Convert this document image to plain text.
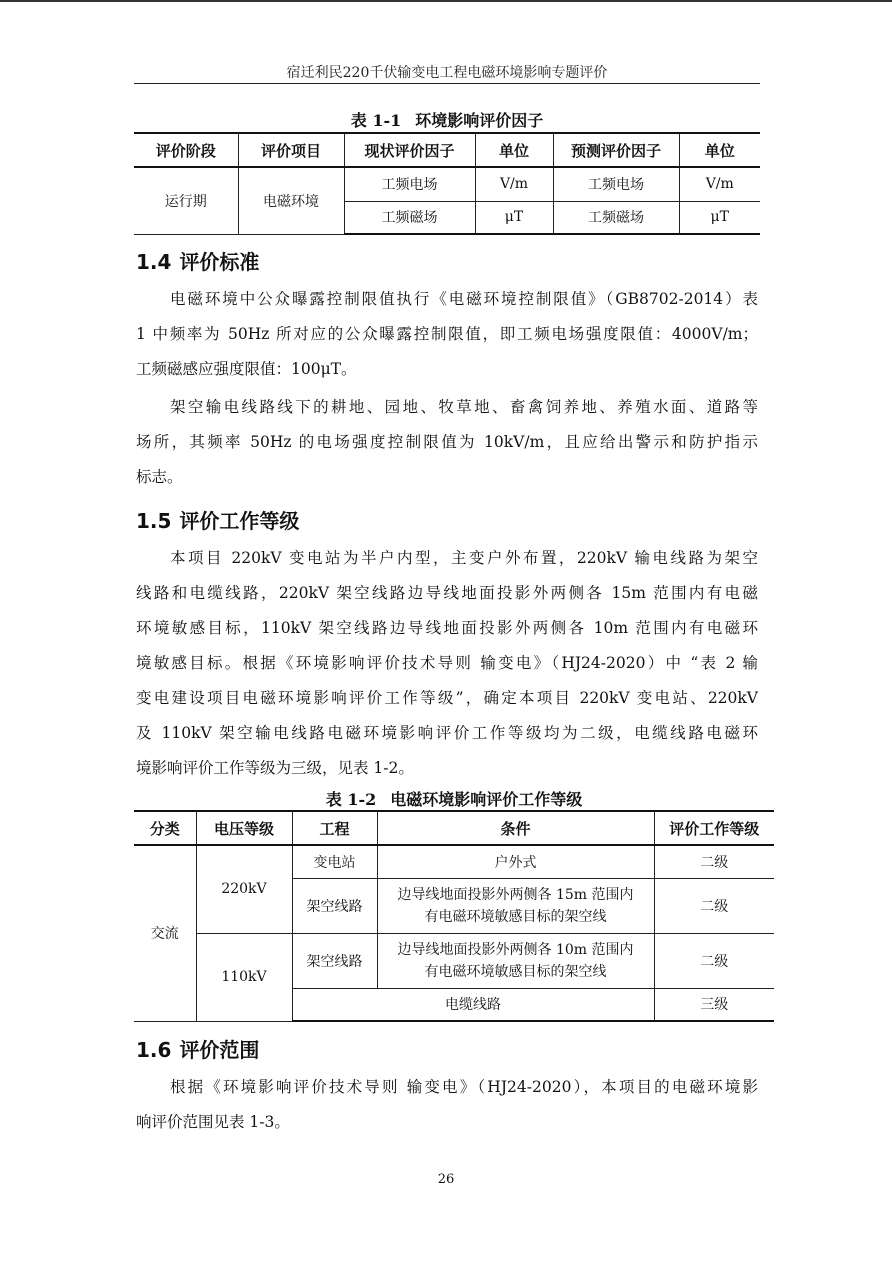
宿迁利民220千伏输变电工程电磁环境影响专题评价
表 1-1 环境影响评价因子
评价阶段	评价项目	现状评价因子	单位	预测评价因子	单位
运行期	电磁环境	工频电场	V/m	工频电场	V/m
		工频磁场	μT	工频磁场	μT
1.4 评价标准
电磁环境中公众曝露控制限值执行《电磁环境控制限值》（GB8702-2014）表
1 中频率为 50Hz 所对应的公众曝露控制限值，即工频电场强度限值：4000V/m；
工频磁感应强度限值：100μT。
架空输电线路线下的耕地、园地、牧草地、畜禽饲养地、养殖水面、道路等
场所，其频率 50Hz 的电场强度控制限值为 10kV/m，且应给出警示和防护指示
标志。
1.5 评价工作等级
本项目 220kV 变电站为半户内型，主变户外布置，220kV 输电线路为架空
线路和电缆线路，220kV 架空线路边导线地面投影外两侧各 15m 范围内有电磁
环境敏感目标，110kV 架空线路边导线地面投影外两侧各 10m 范围内有电磁环
境敏感目标。根据《环境影响评价技术导则 输变电》（HJ24-2020）中 “表 2 输
变电建设项目电磁环境影响评价工作等级”，确定本项目 220kV 变电站、220kV
及 110kV 架空输电线路电磁环境影响评价工作等级均为二级，电缆线路电磁环
境影响评价工作等级为三级，见表 1-2。
表 1-2 电磁环境影响评价工作等级
分类	电压等级	工程	条件	评价工作等级
交流	220kV	变电站	户外式	二级
		架空线路	边导线地面投影外两侧各 15m 范围内
有电磁环境敏感目标的架空线	二级
	110kV	架空线路	边导线地面投影外两侧各 10m 范围内
有电磁环境敏感目标的架空线	二级
		电缆线路		三级
1.6 评价范围
根据《环境影响评价技术导则 输变电》（HJ24-2020），本项目的电磁环境影
响评价范围见表 1-3。
26
